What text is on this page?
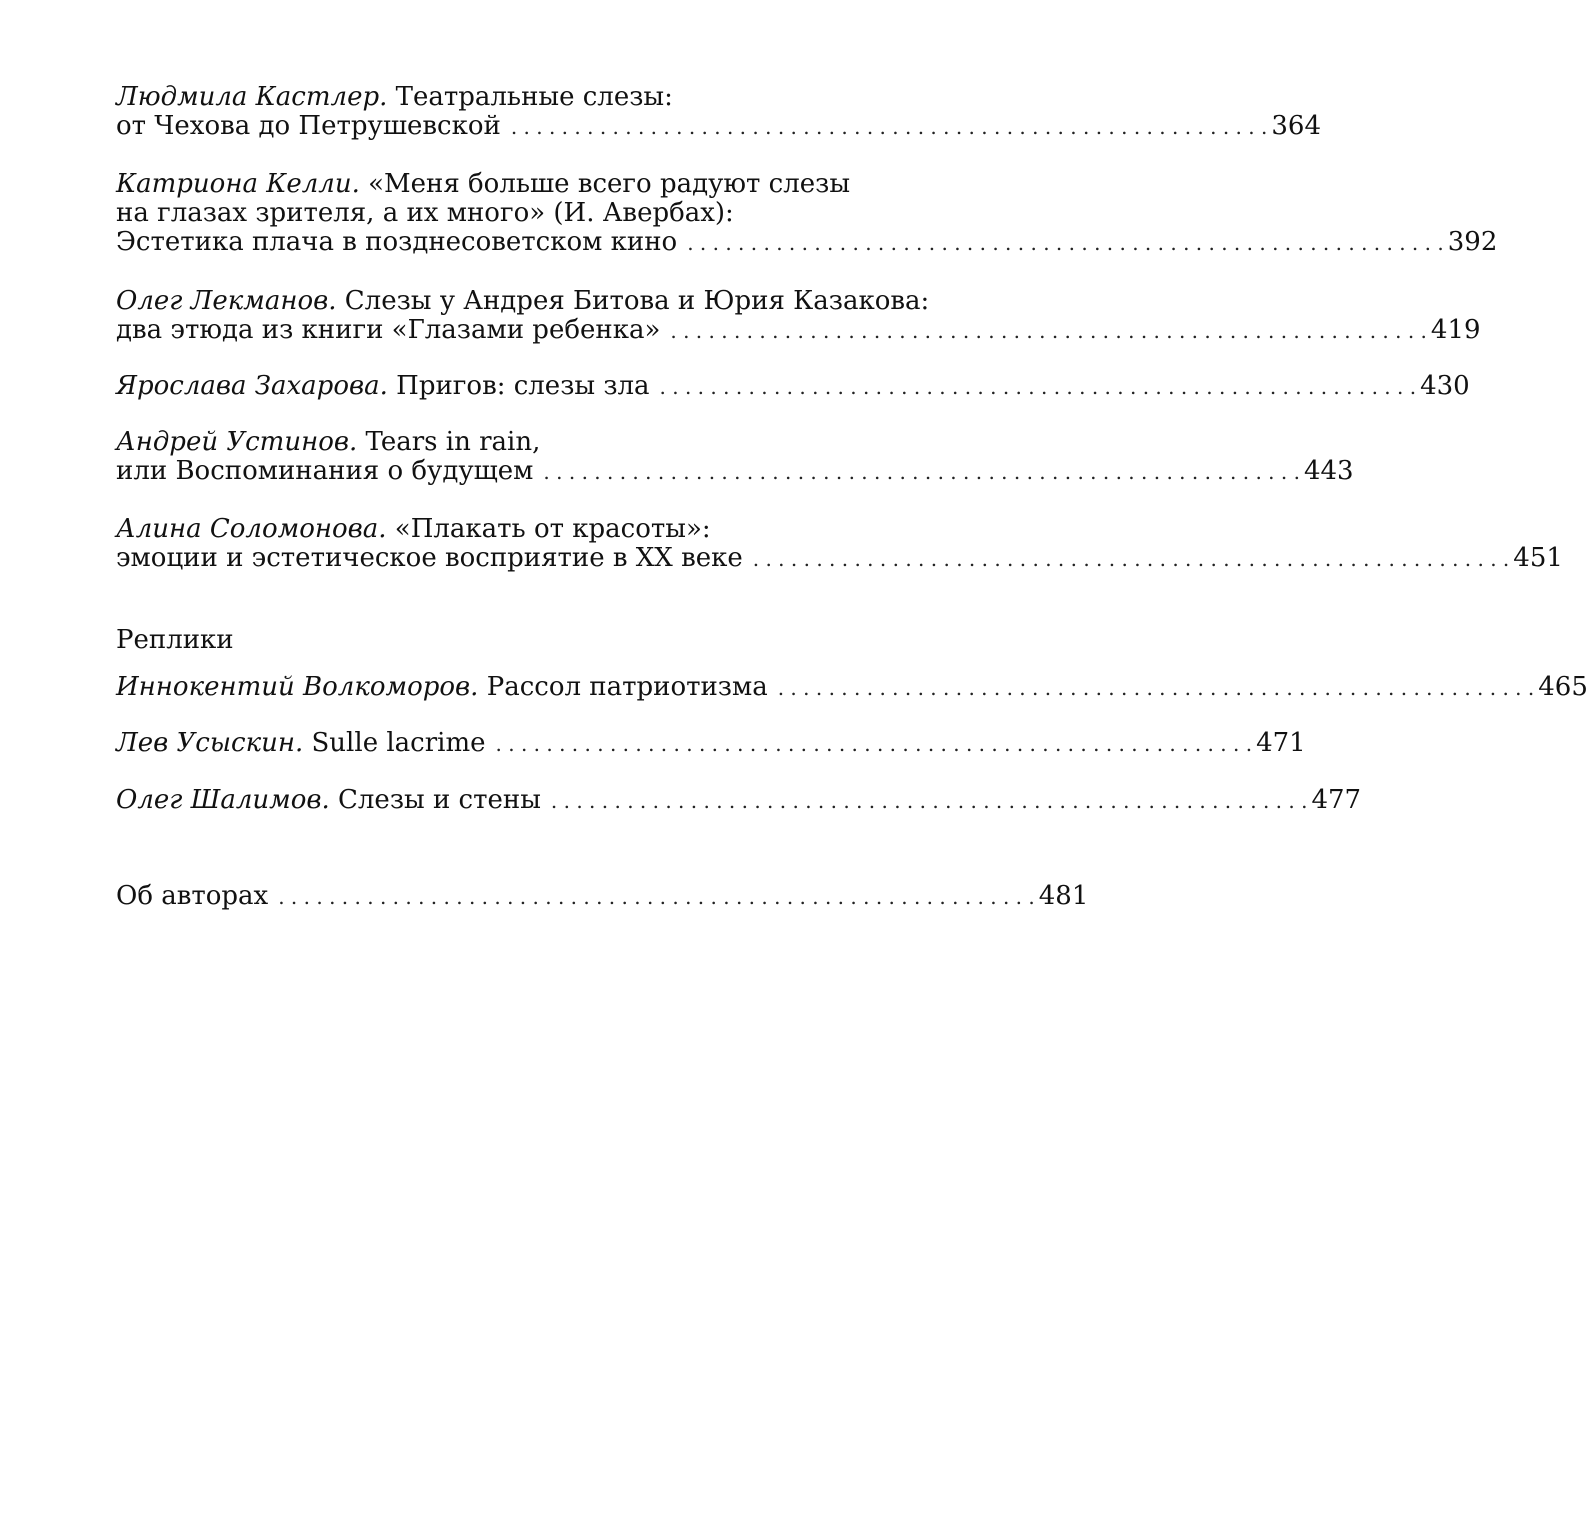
Людмила Кастлер. Театральные слезы:
от Чехова до Петрушевской . . . . . . . . . . . . . . . . . . . . . . . . . . . . . . . . . . . . . . . . . . . . . . . . . . . . . . . . . . . . 364
Катриона Келли. «Меня больше всего радуют слезы
на глазах зрителя, а их много» (И. Авербах):
Эстетика плача в позднесоветском кино . . . . . . . . . . . . . . . . . . . . . . . . . . . . . . . . . . . . . . . . . . . . . . . . . . . . . . . . . . . . 392
Олег Лекманов. Слезы у Андрея Битова и Юрия Казакова:
два этюда из книги «Глазами ребенка» . . . . . . . . . . . . . . . . . . . . . . . . . . . . . . . . . . . . . . . . . . . . . . . . . . . . . . . . . . . . 419
Ярослава Захарова. Пригов: слезы зла . . . . . . . . . . . . . . . . . . . . . . . . . . . . . . . . . . . . . . . . . . . . . . . . . . . . . . . . . . . . 430
Андрей Устинов. Tears in rain,
или Воспоминания о будущем . . . . . . . . . . . . . . . . . . . . . . . . . . . . . . . . . . . . . . . . . . . . . . . . . . . . . . . . . . . . 443
Алина Соломонова. «Плакать от красоты»:
эмоции и эстетическое восприятие в XX веке . . . . . . . . . . . . . . . . . . . . . . . . . . . . . . . . . . . . . . . . . . . . . . . . . . . . . . . . . . . . 451
Реплики
Иннокентий Волкоморов. Рассол патриотизма . . . . . . . . . . . . . . . . . . . . . . . . . . . . . . . . . . . . . . . . . . . . . . . . . . . . . . . . . . . . 465
Лев Усыскин. Sulle lacrime . . . . . . . . . . . . . . . . . . . . . . . . . . . . . . . . . . . . . . . . . . . . . . . . . . . . . . . . . . . . 471
Олег Шалимов. Слезы и стены . . . . . . . . . . . . . . . . . . . . . . . . . . . . . . . . . . . . . . . . . . . . . . . . . . . . . . . . . . . . 477
Об авторах . . . . . . . . . . . . . . . . . . . . . . . . . . . . . . . . . . . . . . . . . . . . . . . . . . . . . . . . . . . . 481
